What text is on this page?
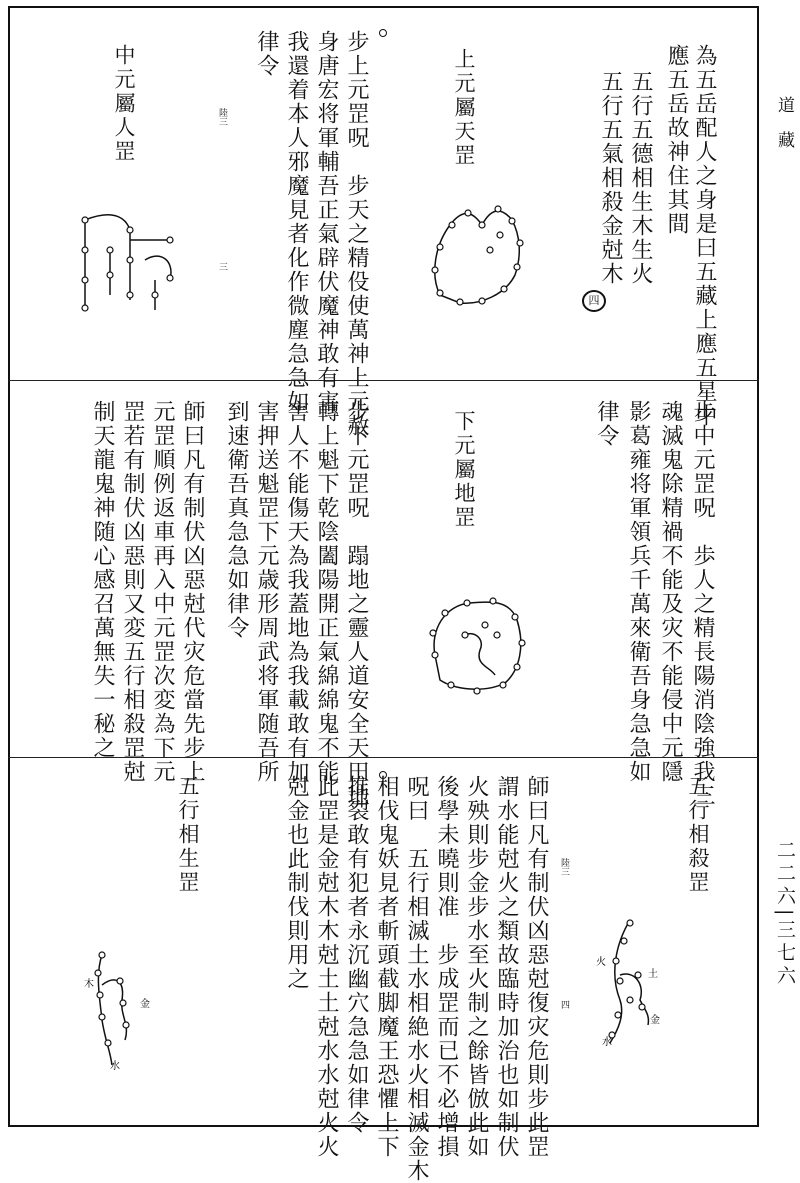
道藏
二二六|三七六
為五岳配人之身是曰五藏上應五星中
應五岳故神住其間
五行五德相生木生火
五行五氣相殺金尅木
四
上元屬天罡
步上元罡呪　步天之精伇使萬神上元赦
身唐宏将軍輔吾正氣辟伏魔神敢有害
我還着本人邪魔見者化作微塵急急如
律令
陸三
三
中元屬人罡
步中元罡呪　歩人之精長陽消陰強我三
魂滅鬼除精禍不能及灾不能侵中元隱
影葛雍将軍領兵千萬來衛吾身急急如
律令
下元屬地罡
步下元罡呪　蹋地之靈人道安全天田地
轉上魁下乾陰闔陽開正氣綿綿鬼不能
害人不能傷天為我蓋地為我載敢有加
害押送魁罡下元歳形周武将軍随吾所
到速衛吾真急急如律令
師曰凡有制伏凶惡尅代灾危當先步上
元罡順例返車再入中元罡次変為下元
罡若有制伏凶惡則又変五行相殺罡尅
制天龍鬼神随心感召萬無失一秘之
五行相殺罡
火
土
水
金
師曰凡有制伏凶惡尅復灾危則步此罡
謂水能尅火之類故臨時加治也如制伏
火殃則步金步水至火制之餘皆倣此如
後學未曉則准　步成罡而已不必增損
呪曰　五行相滅土水相絶水火相滅金木
相伐鬼妖見者斬頭截脚魔王恐懼上下
推裂敢有犯者永沉幽穴急急如律令
此罡是金尅木木尅土土尅水水尅火火
尅金也此制伐則用之	陸三
四
五行相生罡
木
金
水
